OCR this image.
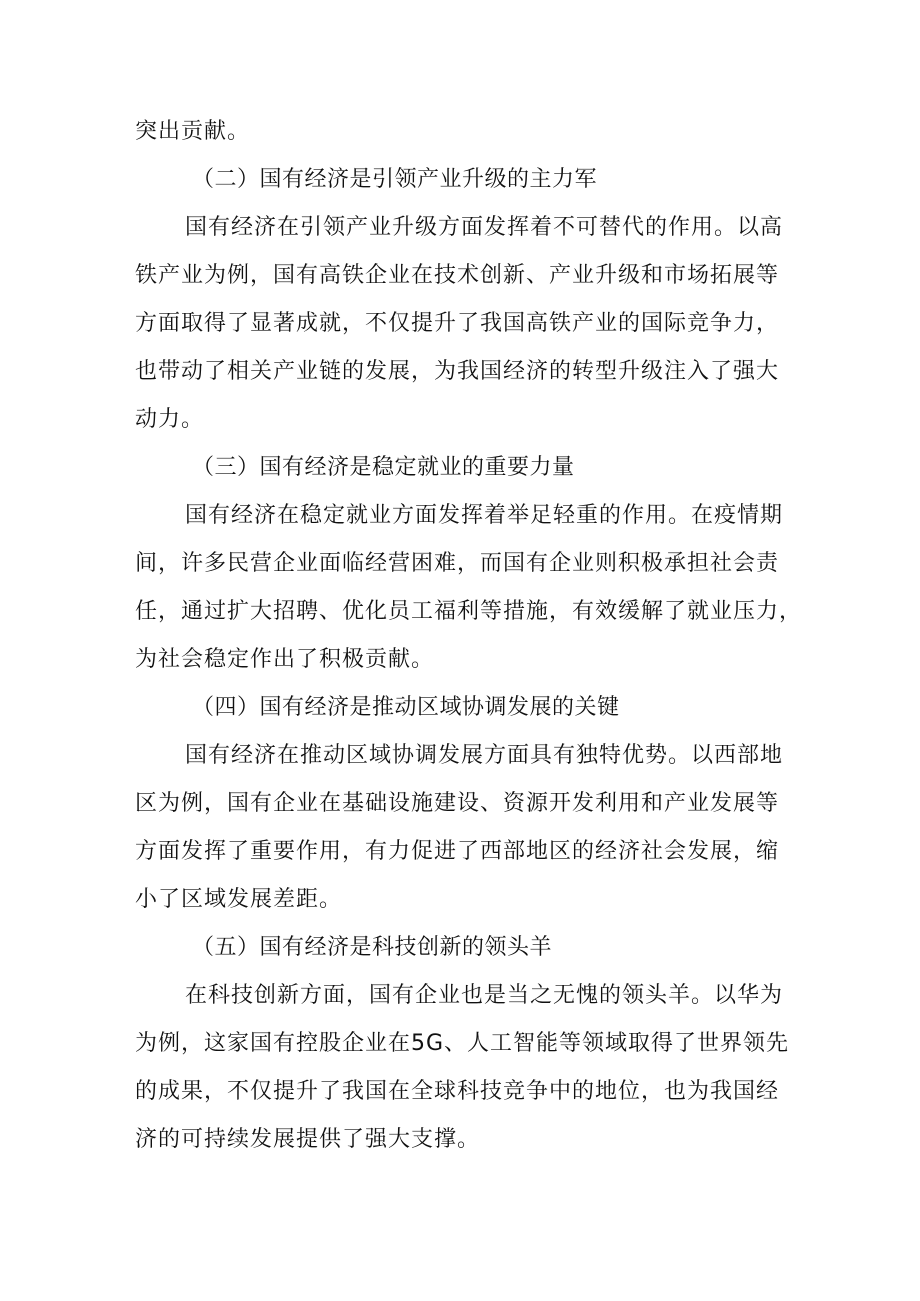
突出贡献。
（二）国有经济是引领产业升级的主力军
国有经济在引领产业升级方面发挥着不可替代的作用。以高
铁产业为例，国有高铁企业在技术创新、产业升级和市场拓展等
方面取得了显著成就，不仅提升了我国高铁产业的国际竞争力，
也带动了相关产业链的发展，为我国经济的转型升级注入了强大
动力。
（三）国有经济是稳定就业的重要力量
国有经济在稳定就业方面发挥着举足轻重的作用。在疫情期
间，许多民营企业面临经营困难，而国有企业则积极承担社会责
任，通过扩大招聘、优化员工福利等措施，有效缓解了就业压力，
为社会稳定作出了积极贡献。
（四）国有经济是推动区域协调发展的关键
国有经济在推动区域协调发展方面具有独特优势。以西部地
区为例，国有企业在基础设施建设、资源开发利用和产业发展等
方面发挥了重要作用，有力促进了西部地区的经济社会发展，缩
小了区域发展差距。
（五）国有经济是科技创新的领头羊
在科技创新方面，国有企业也是当之无愧的领头羊。以华为
为例，这家国有控股企业在5G、人工智能等领域取得了世界领先
的成果，不仅提升了我国在全球科技竞争中的地位，也为我国经
济的可持续发展提供了强大支撑。
